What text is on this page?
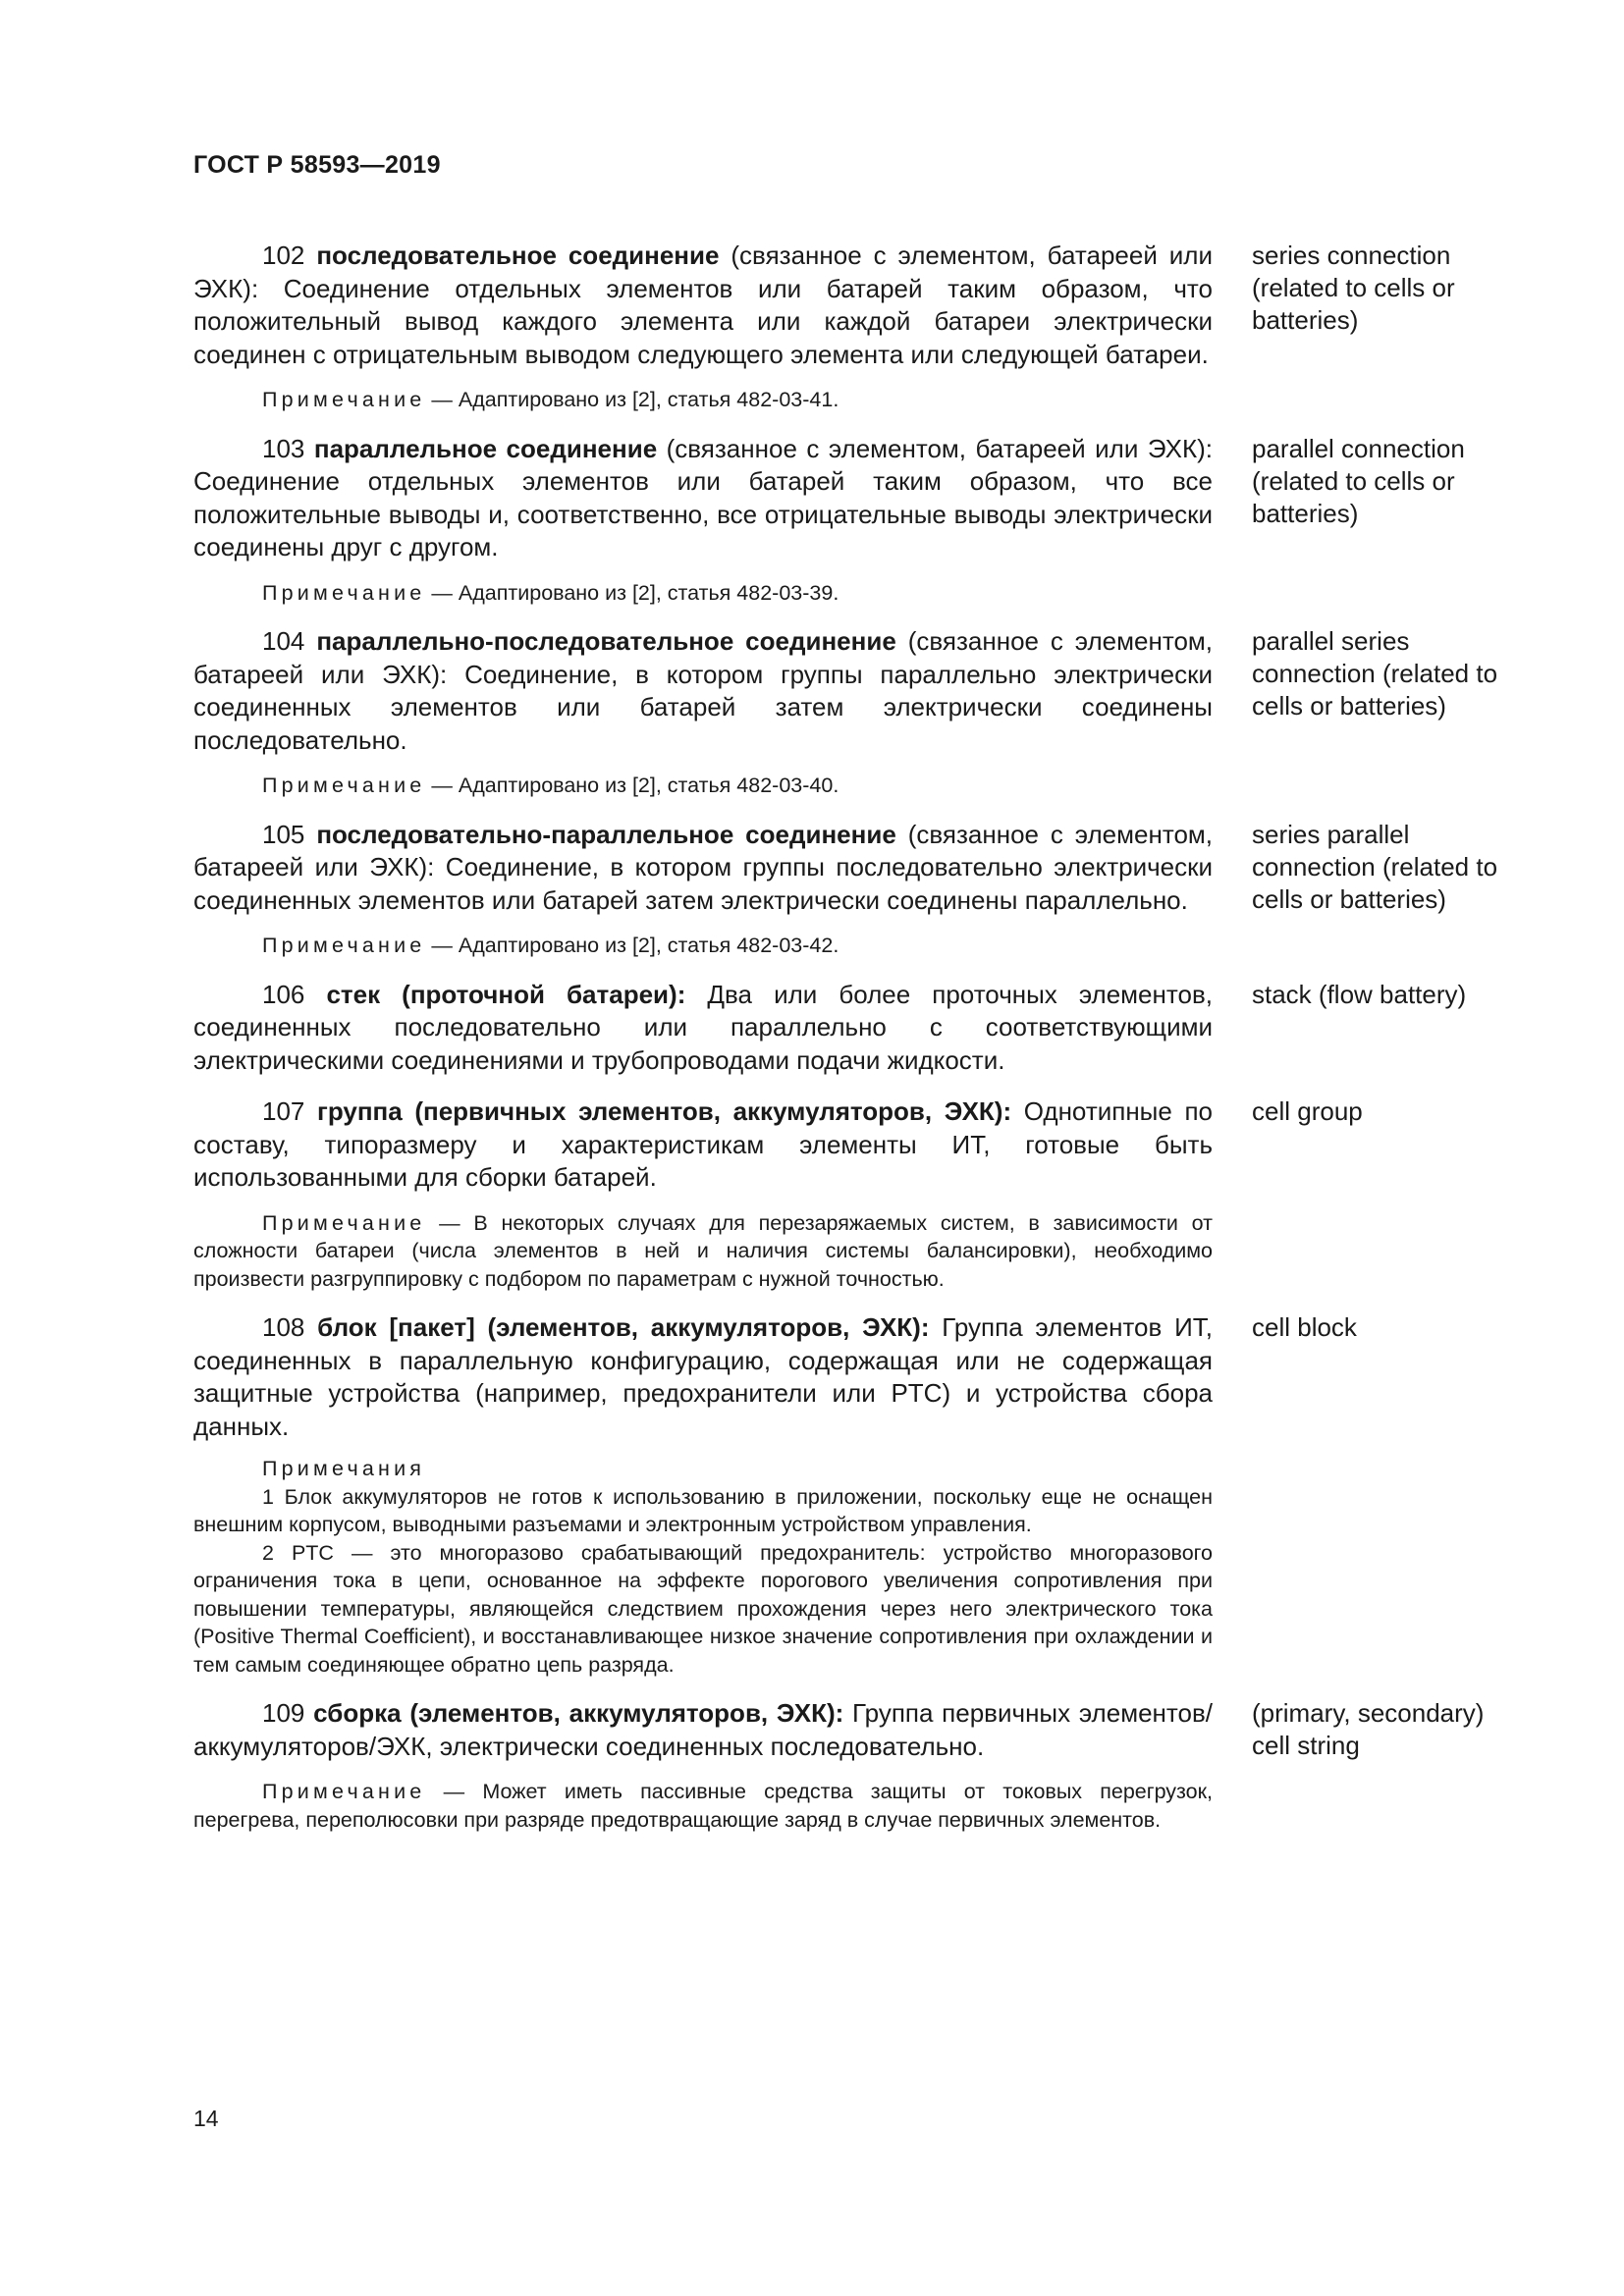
ГОСТ Р 58593—2019

102 последовательное соединение (связанное с элементом, батареей или ЭХК): Соединение отдельных элементов или батарей таким образом, что положительный вывод каждого элемента или каждой батареи электрически соединен с отрицательным выводом следующего элемента или следующей батареи.

Примечание — Адаптировано из [2], статья 482-03-41.

series connection (related to cells or batteries)

103 параллельное соединение (связанное с элементом, батареей или ЭХК): Соединение отдельных элементов или батарей таким образом, что все положительные выводы и, соответственно, все отрицательные выводы электрически соединены друг с другом.

Примечание — Адаптировано из [2], статья 482-03-39.

parallel connection (related to cells or batteries)

104 параллельно-последовательное соединение (связанное с элементом, батареей или ЭХК): Соединение, в котором группы параллельно электрически соединенных элементов или батарей затем электрически соединены последовательно.

Примечание — Адаптировано из [2], статья 482-03-40.

parallel series connection (related to cells or batteries)

105 последовательно-параллельное соединение (связанное с элементом, батареей или ЭХК): Соединение, в котором группы последовательно электрически соединенных элементов или батарей затем электрически соединены параллельно.

Примечание — Адаптировано из [2], статья 482-03-42.

series parallel connection (related to cells or batteries)

106 стек (проточной батареи): Два или более проточных элементов, соединенных последовательно или параллельно с соответствующими электрическими соединениями и трубопроводами подачи жидкости.

stack (flow battery)

107 группа (первичных элементов, аккумуляторов, ЭХК): Однотипные по составу, типоразмеру и характеристикам элементы ИТ, готовые быть использованными для сборки батарей.

Примечание — В некоторых случаях для перезаряжаемых систем, в зависимости от сложности батареи (числа элементов в ней и наличия системы балансировки), необходимо произвести разгруппировку с подбором по параметрам с нужной точностью.

cell group

108 блок [пакет] (элементов, аккумуляторов, ЭХК): Группа элементов ИТ, соединенных в параллельную конфигурацию, содержащая или не содержащая защитные устройства (например, предохранители или PTC) и устройства сбора данных.

Примечания

1 Блок аккумуляторов не готов к использованию в приложении, поскольку еще не оснащен внешним корпусом, выводными разъемами и электронным устройством управления.

2 PTC — это многоразово срабатывающий предохранитель: устройство многоразового ограничения тока в цепи, основанное на эффекте порогового увеличения сопротивления при повышении температуры, являющейся следствием прохождения через него электрического тока (Positive Thermal Coefficient), и восстанавливающее низкое значение сопротивления при охлаждении и тем самым соединяющее обратно цепь разряда.

cell block

109 сборка (элементов, аккумуляторов, ЭХК): Группа первичных элементов/аккумуляторов/ЭХК, электрически соединенных последовательно.

Примечание — Может иметь пассивные средства защиты от токовых перегрузок, перегрева, переполюсовки при разряде предотвращающие заряд в случае первичных элементов.

(primary, secondary) cell string
14
